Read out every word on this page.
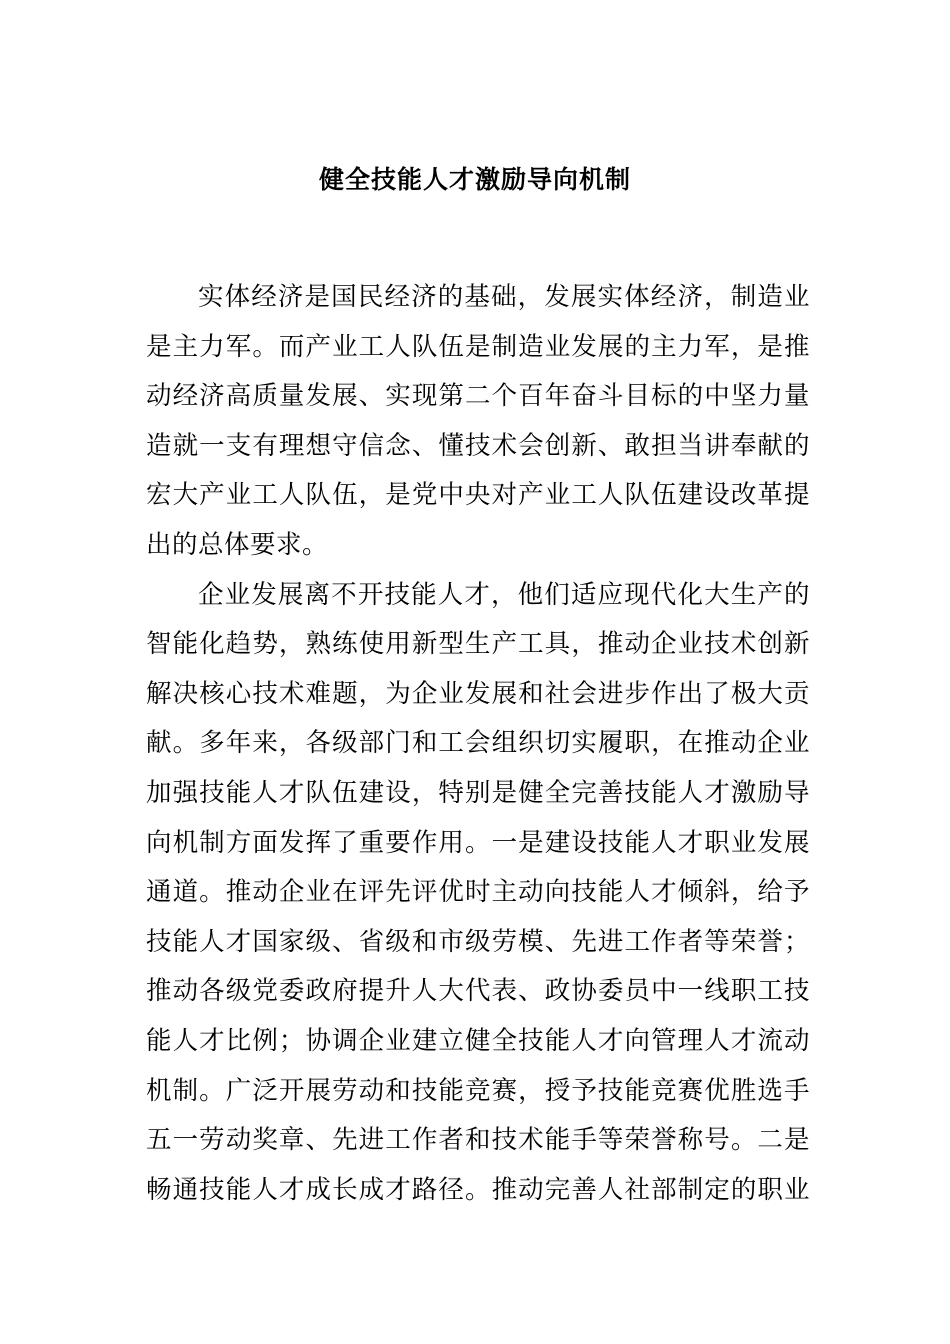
健全技能人才激励导向机制
实体经济是国民经济的基础，发展实体经济，制造业
是主力军。而产业工人队伍是制造业发展的主力军，是推
动经济高质量发展、实现第二个百年奋斗目标的中坚力量
造就一支有理想守信念、懂技术会创新、敢担当讲奉献的
宏大产业工人队伍，是党中央对产业工人队伍建设改革提
出的总体要求。
企业发展离不开技能人才，他们适应现代化大生产的
智能化趋势，熟练使用新型生产工具，推动企业技术创新
解决核心技术难题，为企业发展和社会进步作出了极大贡
献。多年来，各级部门和工会组织切实履职，在推动企业
加强技能人才队伍建设，特别是健全完善技能人才激励导
向机制方面发挥了重要作用。一是建设技能人才职业发展
通道。推动企业在评先评优时主动向技能人才倾斜，给予
技能人才国家级、省级和市级劳模、先进工作者等荣誉；
推动各级党委政府提升人大代表、政协委员中一线职工技
能人才比例；协调企业建立健全技能人才向管理人才流动
机制。广泛开展劳动和技能竞赛，授予技能竞赛优胜选手
五一劳动奖章、先进工作者和技术能手等荣誉称号。二是
畅通技能人才成长成才路径。推动完善人社部制定的职业
